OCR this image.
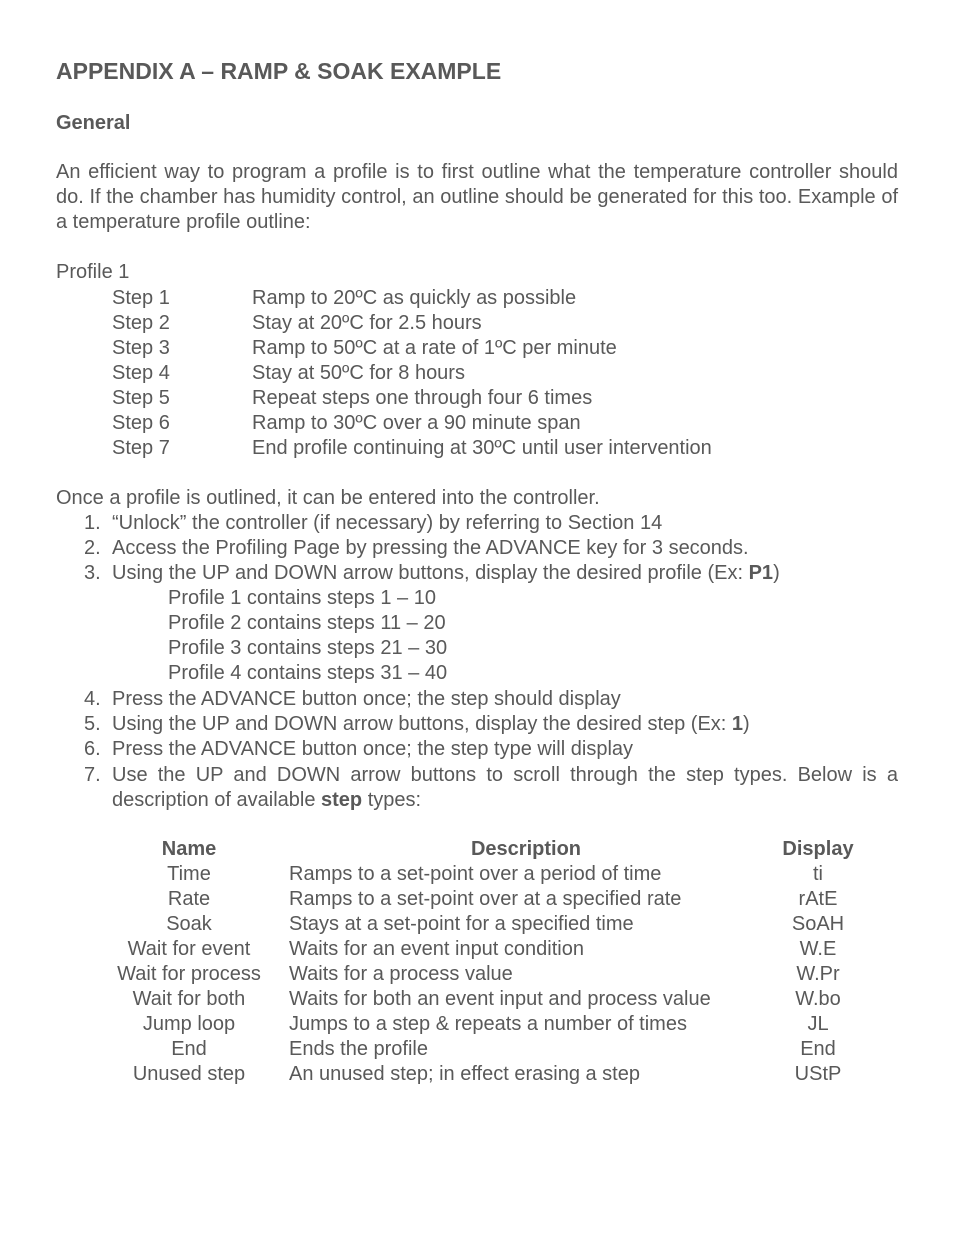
APPENDIX A – RAMP & SOAK EXAMPLE
General
An efficient way to program a profile is to first outline what the temperature controller should do. If the chamber has humidity control, an outline should be generated for this too. Example of a temperature profile outline:
Profile 1
Step 1	Ramp to 20ºC as quickly as possible
Step 2	Stay at 20ºC for 2.5 hours
Step 3	Ramp to 50ºC at a rate of 1ºC per minute
Step 4	Stay at 50ºC for 8 hours
Step 5	Repeat steps one through four 6 times
Step 6	Ramp to 30ºC over a 90 minute span
Step 7	End profile continuing at 30ºC until user intervention
Once a profile is outlined, it can be entered into the controller.
1. “Unlock” the controller (if necessary) by referring to Section 14
2. Access the Profiling Page by pressing the ADVANCE key for 3 seconds.
3. Using the UP and DOWN arrow buttons, display the desired profile (Ex: P1)
Profile 1 contains steps 1 – 10
Profile 2 contains steps 11 – 20
Profile 3 contains steps 21 – 30
Profile 4 contains steps 31 – 40
4. Press the ADVANCE button once; the step should display
5. Using the UP and DOWN arrow buttons, display the desired step (Ex: 1)
6. Press the ADVANCE button once; the step type will display
7. Use the UP and DOWN arrow buttons to scroll through the step types. Below is a description of available step types:
Name		Description	Display
Time		Ramps to a set-point over a period of time	ti
Rate		Ramps to a set-point over at a specified rate	rAtE
Soak		Stays at a set-point for a specified time	SoAH
Wait for event		Waits for an event input condition	W.E
Wait for process		Waits for a process value	W.Pr
Wait for both		Waits for both an event input and process value	W.bo
Jump loop		Jumps to a step & repeats a number of times	JL
End		Ends the profile	End
Unused step		An unused step; in effect erasing a step	UStP
